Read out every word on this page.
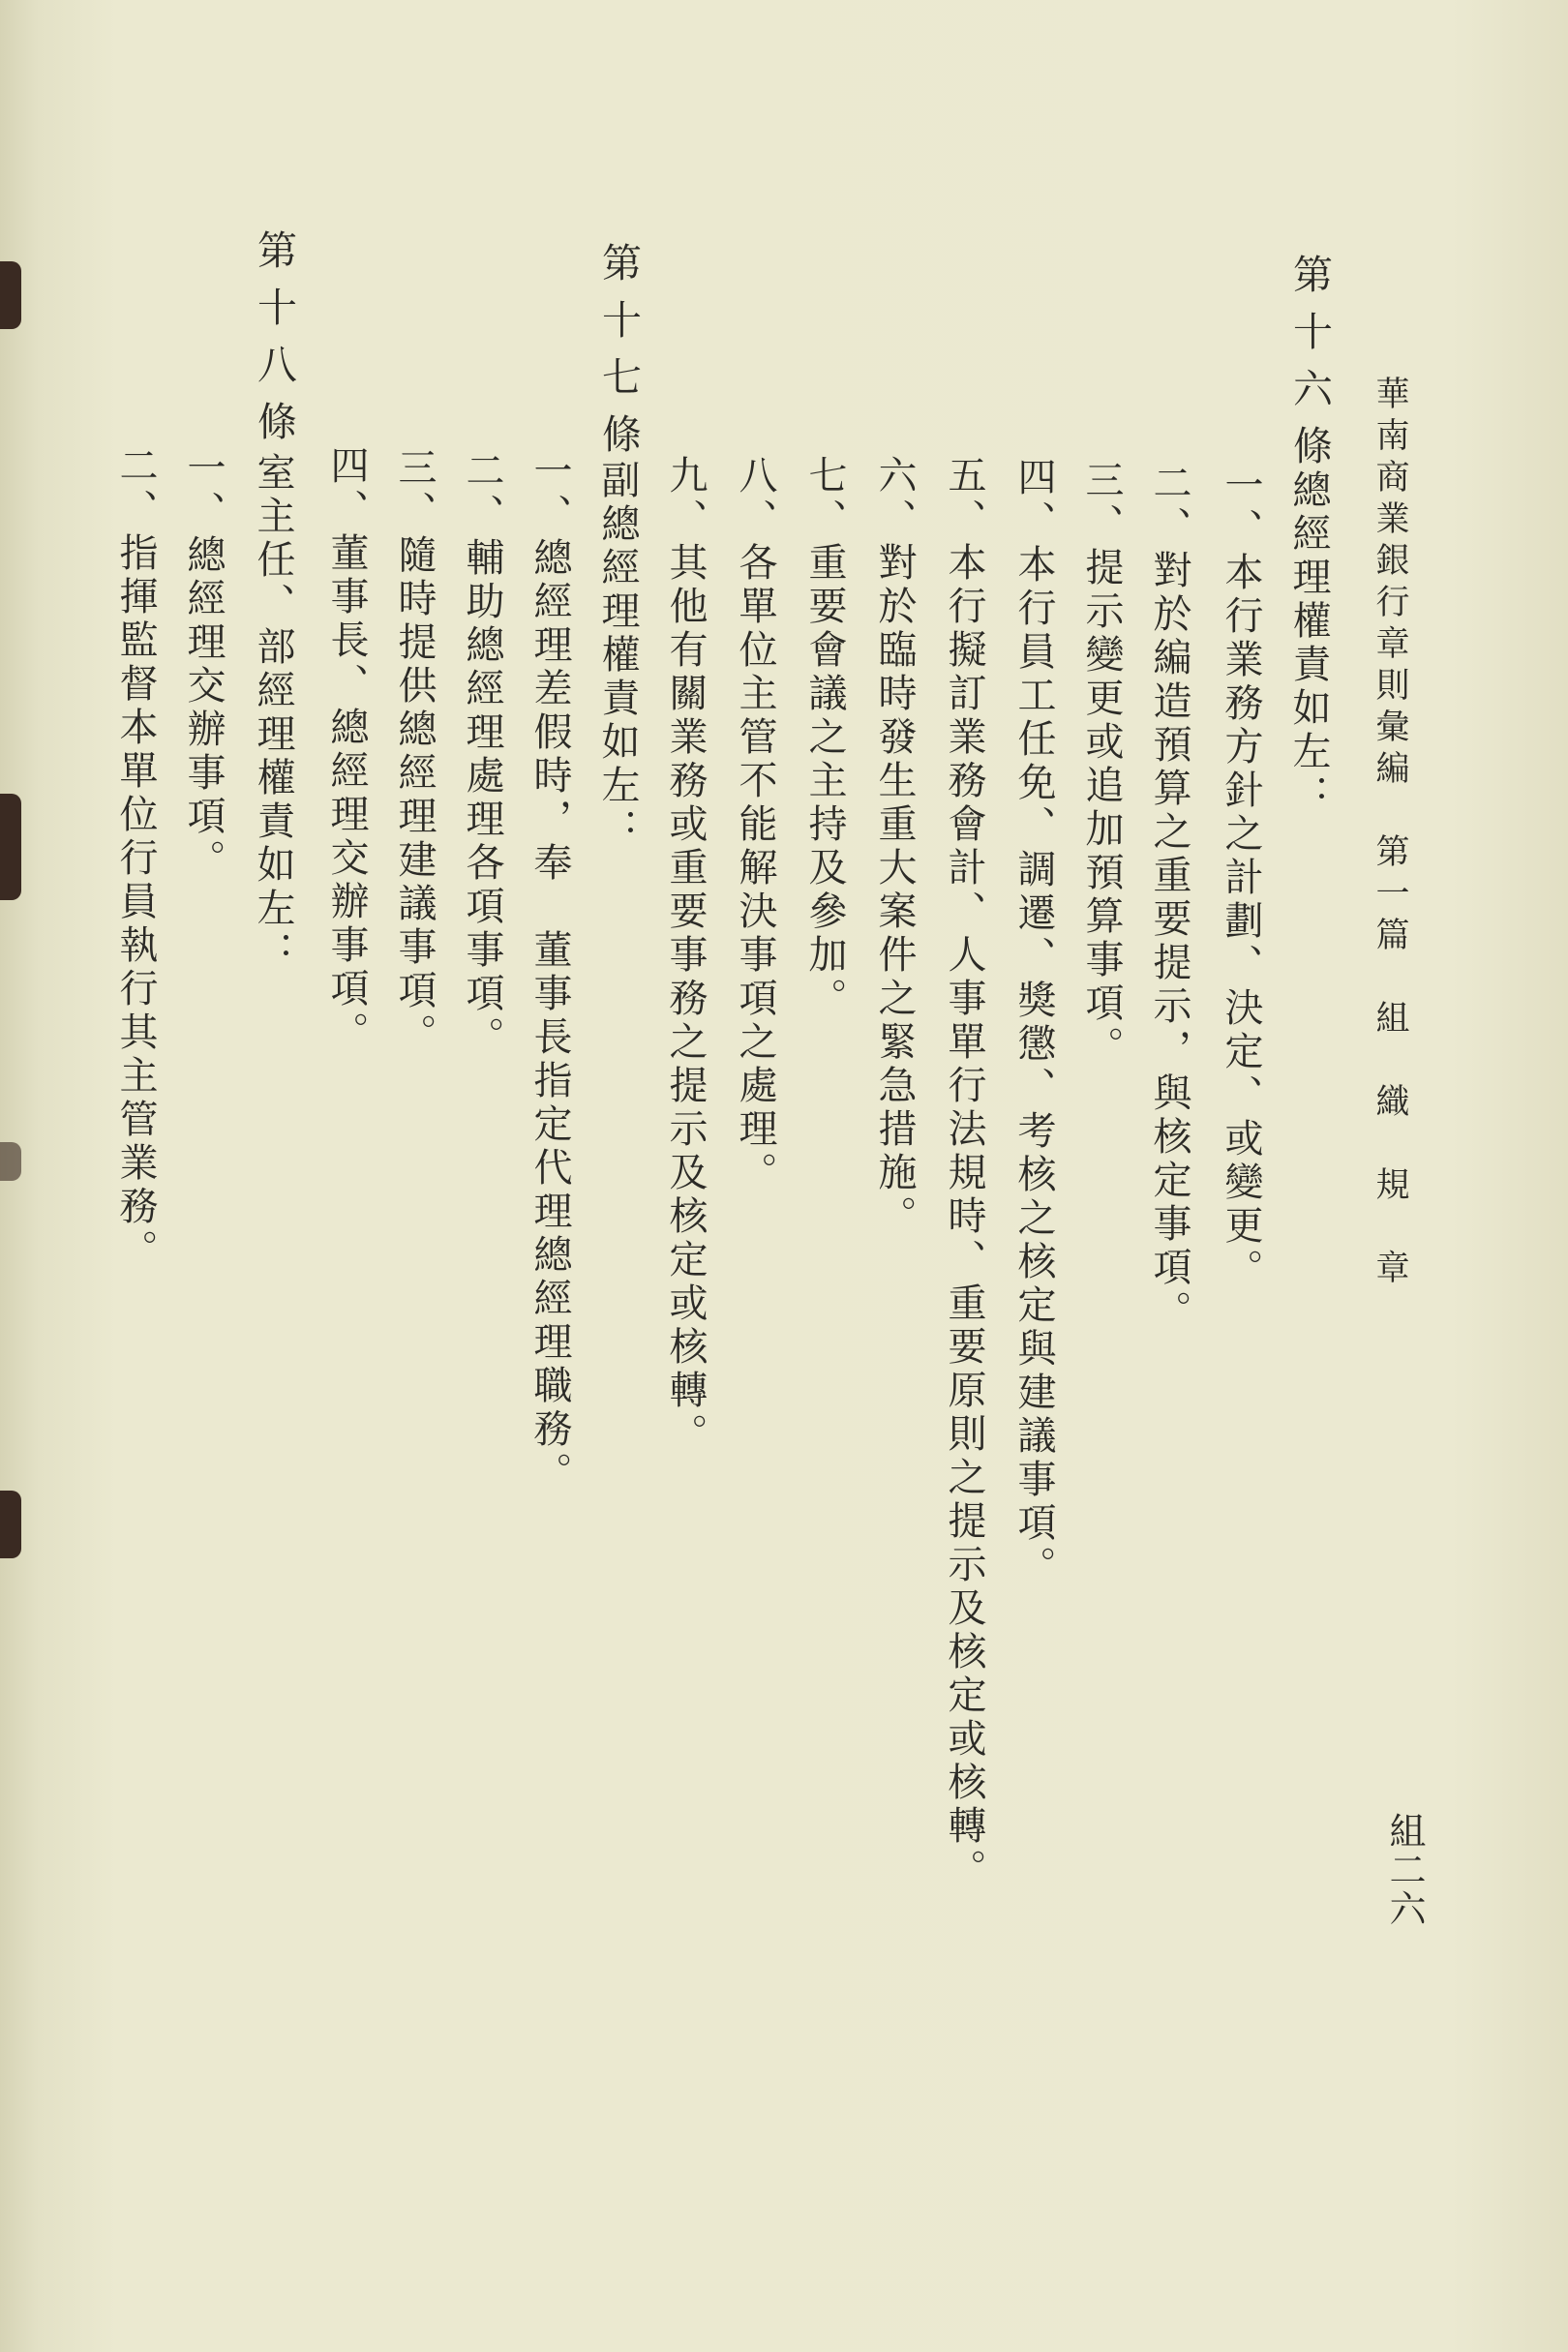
華南商業銀行章則彙編　第一篇　組　織　規　章
組二六
第十六條
總經理權責如左：
一、本行業務方針之計劃、決定、或變更。
二、對於編造預算之重要提示，與核定事項。
三、提示變更或追加預算事項。
四、本行員工任免、調遷、獎懲、考核之核定與建議事項。
五、本行擬訂業務會計、人事單行法規時、重要原則之提示及核定或核轉。
六、對於臨時發生重大案件之緊急措施。
七、重要會議之主持及參加。
八、各單位主管不能解決事項之處理。
九、其他有關業務或重要事務之提示及核定或核轉。
第十七條
副總經理權責如左：
一、總經理差假時，奉　董事長指定代理總經理職務。
二、輔助總經理處理各項事項。
三、隨時提供總經理建議事項。
四、董事長、總經理交辦事項。
第十八條
室主任、部經理權責如左：
一、總經理交辦事項。
二、指揮監督本單位行員執行其主管業務。
